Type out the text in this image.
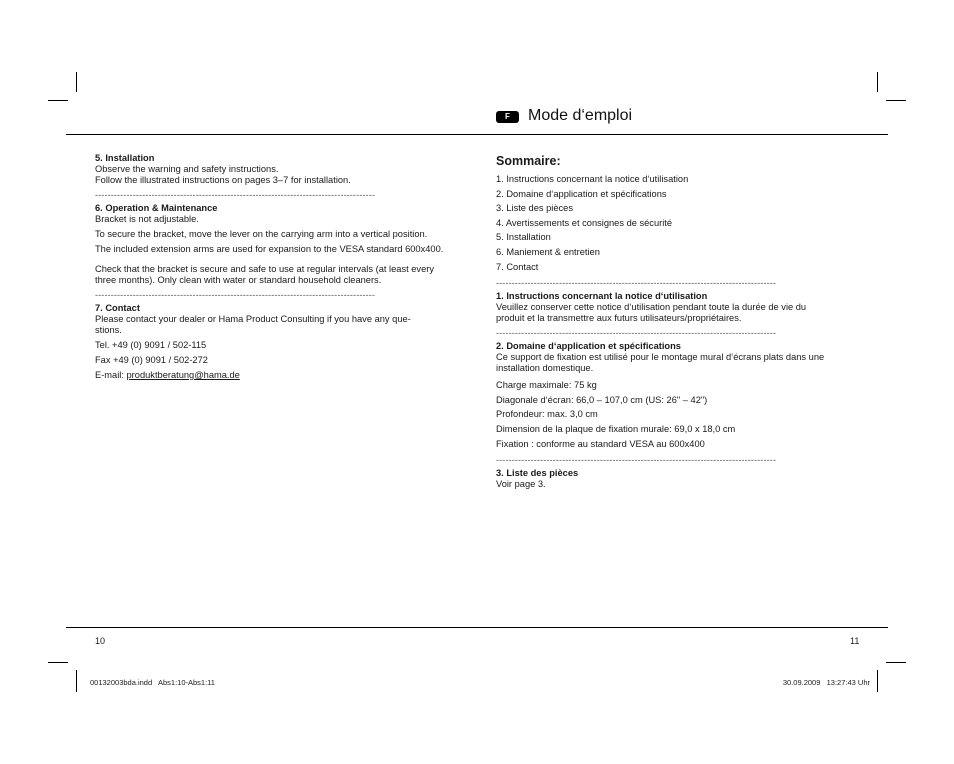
F	Mode d‘emploi

5. Installation

Observe the warning and safety instructions.

Follow the illustrated instructions on pages 3–7 for installation.

-----------------------------------------------------------------------------------------

6. Operation & Maintenance

Bracket is not adjustable.

To secure the bracket, move the lever on the carrying arm into a vertical position.

The included extension arms are used for expansion to the VESA standard 600x400.

Check that the bracket is secure and safe to use at regular intervals (at least every

three months). Only clean with water or standard household cleaners.

-----------------------------------------------------------------------------------------

7. Contact

Please contact your dealer or Hama Product Consulting if you have any que-

stions.

Tel. +49 (0) 9091 / 502-115

Fax +49 (0) 9091 / 502-272

E-mail: produktberatung@hama.de

Sommaire:

1. Instructions concernant la notice d‘utilisation

2. Domaine d‘application et spécifications

3. Liste des pièces

4. Avertissements et consignes de sécurité

5. Installation

6. Maniement & entretien

7. Contact

-----------------------------------------------------------------------------------------

1. Instructions concernant la notice d‘utilisation

Veuillez conserver cette notice d‘utilisation pendant toute la durée de vie du

produit et la transmettre aux futurs utilisateurs/propriétaires.

-----------------------------------------------------------------------------------------

2. Domaine d‘application et spécifications

Ce support de fixation est utilisé pour le montage mural d‘écrans plats dans une

installation domestique.

Charge maximale: 75 kg

Diagonale d‘écran: 66,0 – 107,0 cm (US: 26" – 42")

Profondeur: max. 3,0 cm

Dimension de la plaque de fixation murale: 69,0 x 18,0 cm

Fixation : conforme au standard VESA au 600x400

-----------------------------------------------------------------------------------------

3. Liste des pièces

Voir page 3.

10	11
00132003bda.indd   Abs1:10-Abs1:11	30.09.2009   13:27:43 Uhr
